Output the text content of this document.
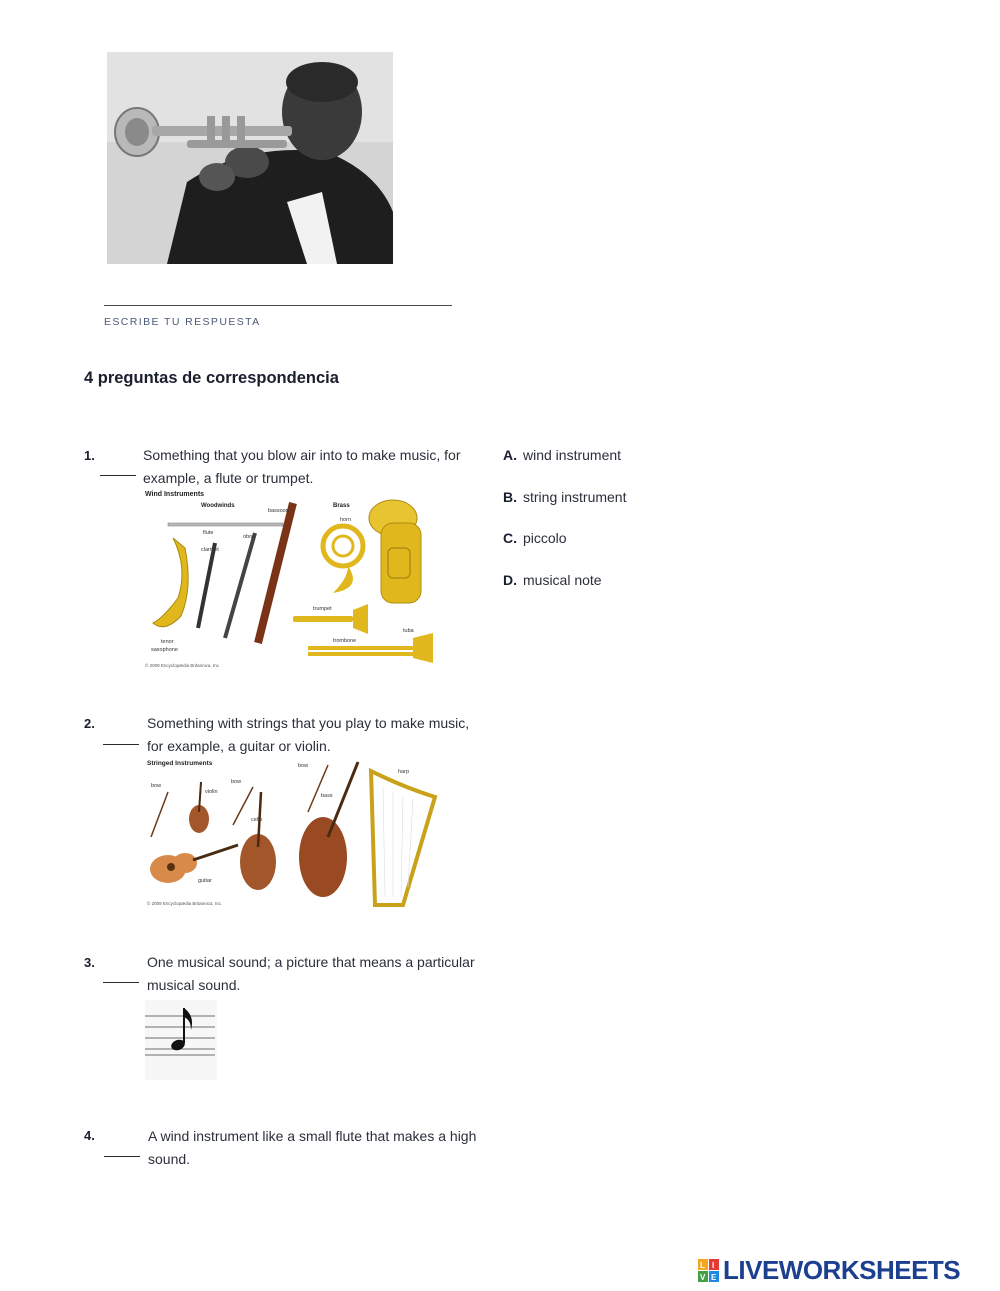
ESCRIBE TU RESPUESTA
4 preguntas de correspondencia
1.	Something that you blow air into to make music, for
example, a flute or trumpet.
Wind Instruments
Woodwinds	Brass
flute
clarinet
oboe
bassoon
tenor
saxophone
horn
tuba
trumpet
trombone
© 2009 Encyclopædia Britannica, Inc.
2.	Something with strings that you play to make music,
for example, a guitar or violin.
Stringed Instruments
bow
violin
bow
cello
bow
bass
harp
guitar
© 2009 Encyclopædia Britannica, Inc.
3.	One musical sound; a picture that means a particular
musical sound.
4.	A wind instrument like a small flute that makes a high
sound.
A. wind instrument
B. string instrument
C. piccolo
D. musical note
L I
V E LIVEWORKSHEETS
